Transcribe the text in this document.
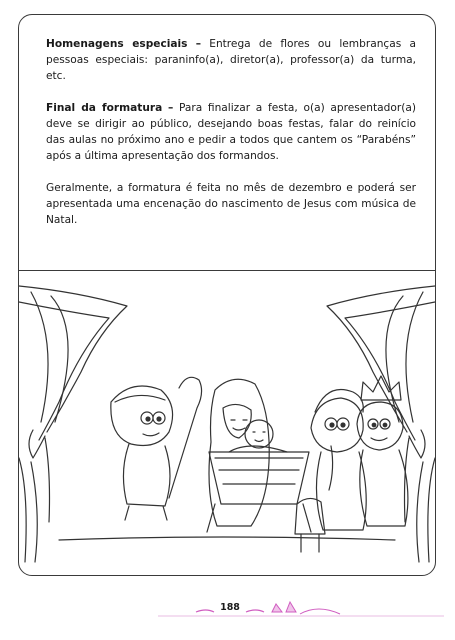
Homenagens especiais – Entrega de flores ou lembranças a pessoas especiais: paraninfo(a), diretor(a), professor(a) da turma, etc.

Final da formatura – Para finalizar a festa, o(a) apresentador(a) deve se dirigir ao público, desejando boas festas, falar do reinício das aulas no próximo ano e pedir a todos que cantem os “Parabéns” após a última apresentação dos formandos.

Geralmente, a formatura é feita no mês de dezembro e poderá ser apresentada uma encenação do nascimento de Jesus com música de Natal.

188
